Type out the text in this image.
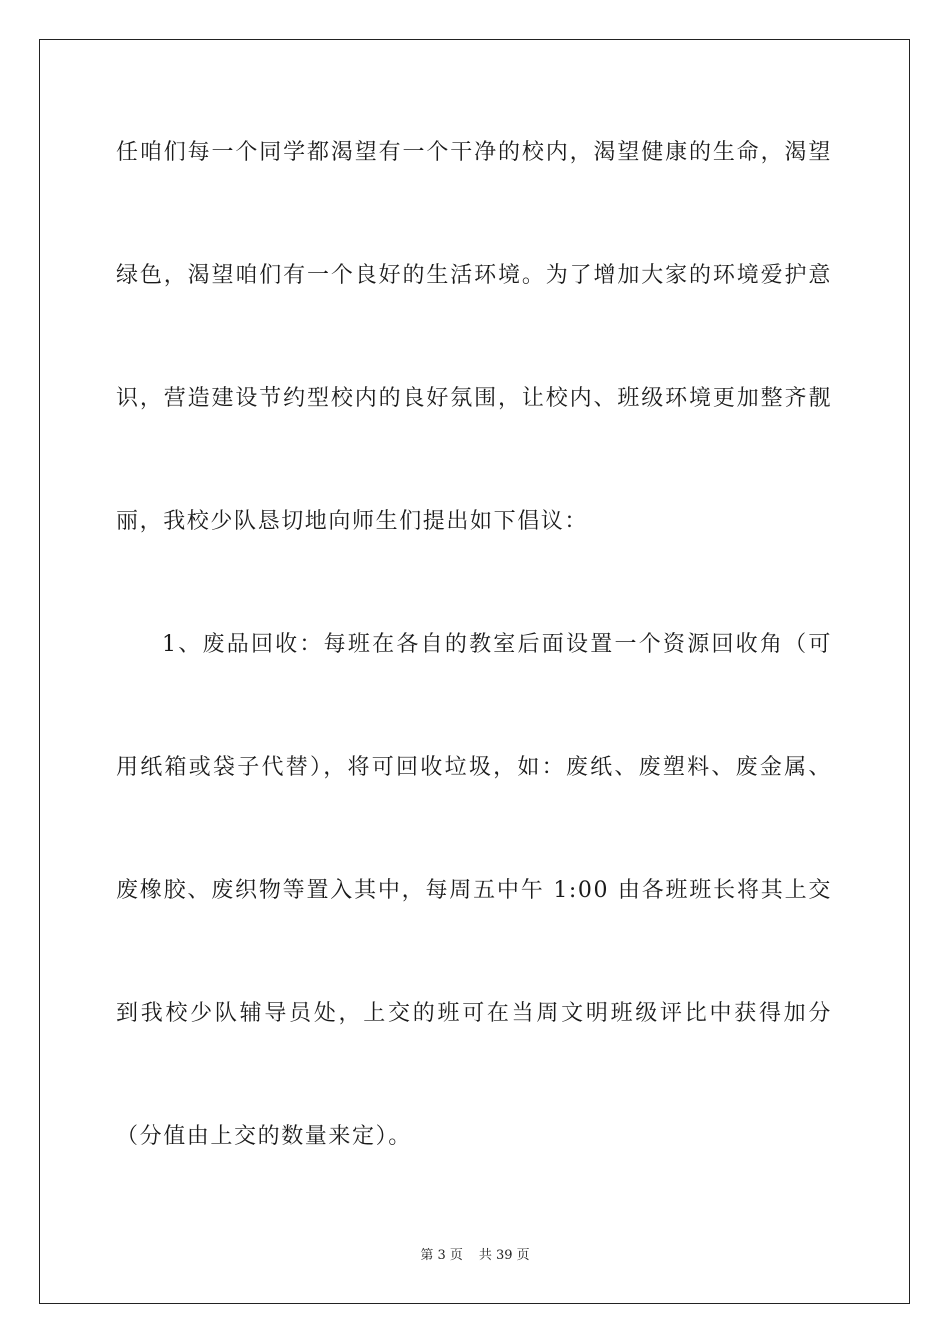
任咱们每一个同学都渴望有一个干净的校内，渴望健康的生命，渴望
绿色，渴望咱们有一个良好的生活环境。为了增加大家的环境爱护意
识，营造建设节约型校内的良好氛围，让校内、班级环境更加整齐靓
丽，我校少队恳切地向师生们提出如下倡议：
1、废品回收：每班在各自的教室后面设置一个资源回收角（可
用纸箱或袋子代替），将可回收垃圾，如：废纸、废塑料、废金属、
废橡胶、废织物等置入其中，每周五中午 1:00 由各班班长将其上交
到我校少队辅导员处，上交的班可在当周文明班级评比中获得加分
（分值由上交的数量来定）。
第 3 页 共 39 页
